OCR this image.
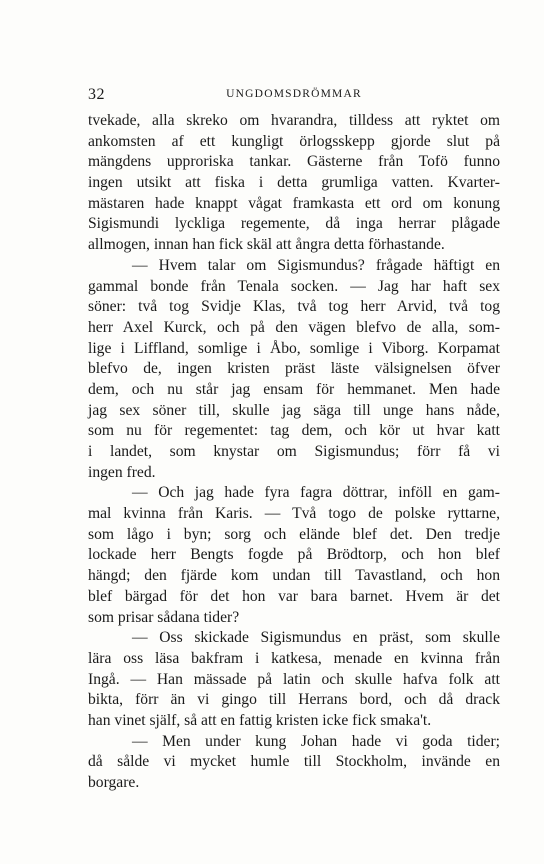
32	UNGDOMSDRÖMMAR
tvekade, alla skreko om hvarandra, tilldess att ryktet om
ankomsten af ett kungligt örlogsskepp gjorde slut på
mängdens upproriska tankar. Gästerne från Tofö funno
ingen utsikt att fiska i detta grumliga vatten. Kvarter-
mästaren hade knappt vågat framkasta ett ord om konung
Sigismundi lyckliga regemente, då inga herrar plågade
allmogen, innan han fick skäl att ångra detta förhastande.
— Hvem talar om Sigismundus? frågade häftigt en
gammal bonde från Tenala socken. — Jag har haft sex
söner: två tog Svidje Klas, två tog herr Arvid, två tog
herr Axel Kurck, och på den vägen blefvo de alla, som-
lige i Liffland, somlige i Åbo, somlige i Viborg. Korpamat
blefvo de, ingen kristen präst läste välsignelsen öfver
dem, och nu står jag ensam för hemmanet. Men hade
jag sex söner till, skulle jag säga till unge hans nåde,
som nu för regementet: tag dem, och kör ut hvar katt
i landet, som knystar om Sigismundus; förr få vi
ingen fred.
— Och jag hade fyra fagra döttrar, inföll en gam-
mal kvinna från Karis. — Två togo de polske ryttarne,
som lågo i byn; sorg och elände blef det. Den tredje
lockade herr Bengts fogde på Brödtorp, och hon blef
hängd; den fjärde kom undan till Tavastland, och hon
blef bärgad för det hon var bara barnet. Hvem är det
som prisar sådana tider?
— Oss skickade Sigismundus en präst, som skulle
lära oss läsa bakfram i katkesa, menade en kvinna från
Ingå. — Han mässade på latin och skulle hafva folk att
bikta, förr än vi gingo till Herrans bord, och då drack
han vinet själf, så att en fattig kristen icke fick smaka't.
— Men under kung Johan hade vi goda tider;
då sålde vi mycket humle till Stockholm, invände en
borgare.
